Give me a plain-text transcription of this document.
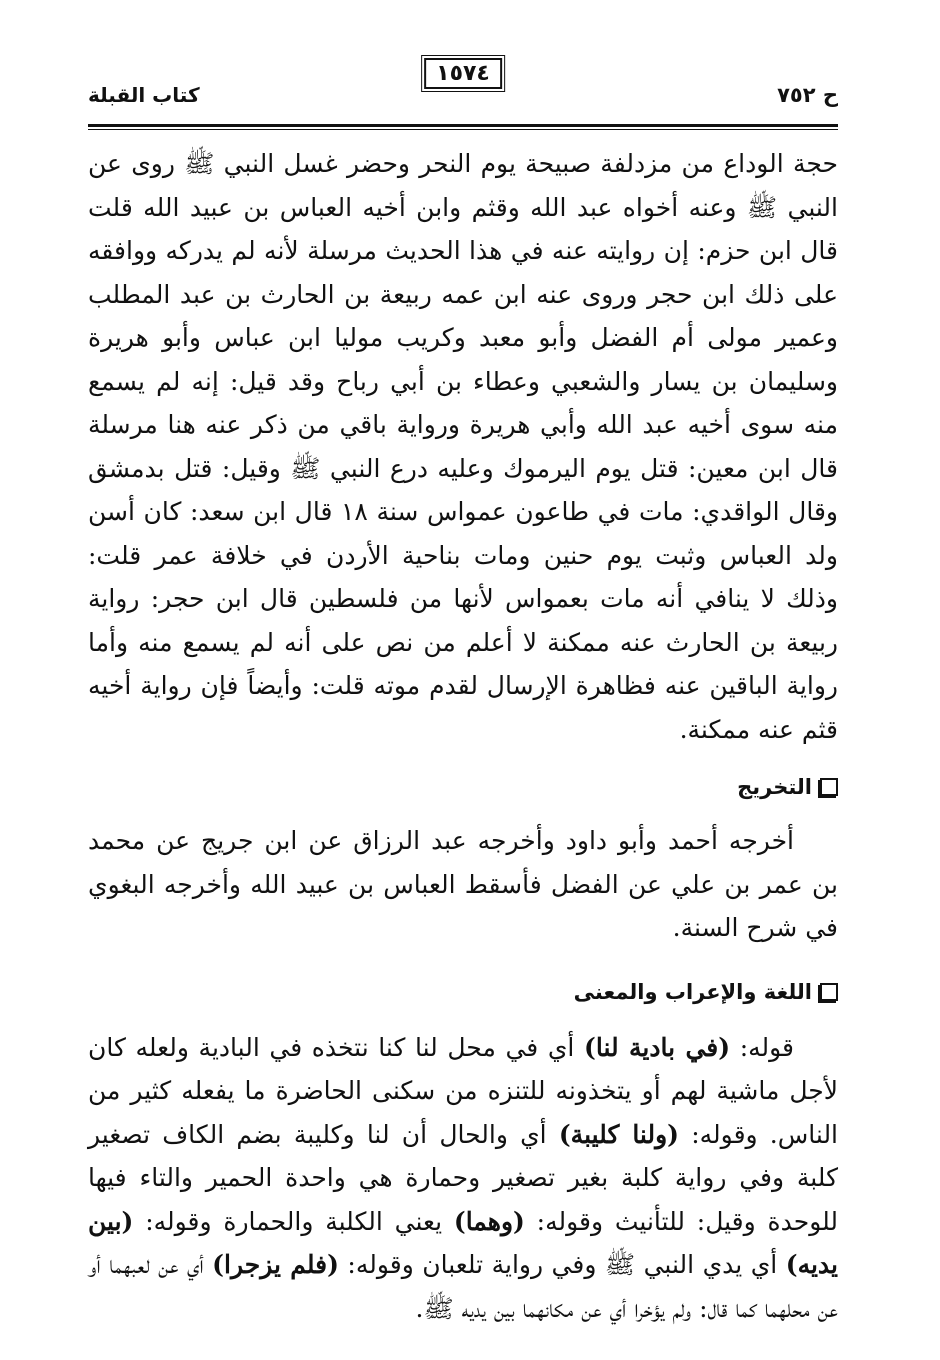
ح ٧٥٢
كتاب القبلة
١٥٧٤

حجة الوداع من مزدلفة صبيحة يوم النحر وحضر غسل النبي ﷺ روى عن النبي ﷺ وعنه أخواه عبد الله وقثم وابن أخيه العباس بن عبيد الله قلت قال ابن حزم: إن روايته عنه في هذا الحديث مرسلة لأنه لم يدركه ووافقه على ذلك ابن حجر وروى عنه ابن عمه ربيعة بن الحارث بن عبد المطلب وعمير مولى أم الفضل وأبو معبد وكريب موليا ابن عباس وأبو هريرة وسليمان بن يسار والشعبي وعطاء بن أبي رباح وقد قيل: إنه لم يسمع منه سوى أخيه عبد الله وأبي هريرة ورواية باقي من ذكر عنه هنا مرسلة قال ابن معين: قتل يوم اليرموك وعليه درع النبي ﷺ وقيل: قتل بدمشق وقال الواقدي: مات في طاعون عمواس سنة ١٨ قال ابن سعد: كان أسن ولد العباس وثبت يوم حنين ومات بناحية الأردن في خلافة عمر قلت: وذلك لا ينافي أنه مات بعمواس لأنها من فلسطين قال ابن حجر: رواية ربيعة بن الحارث عنه ممكنة لا أعلم من نص على أنه لم يسمع منه وأما رواية الباقين عنه فظاهرة الإرسال لقدم موته قلت: وأيضاً فإن رواية أخيه قثم عنه ممكنة.

التخريج

أخرجه أحمد وأبو داود وأخرجه عبد الرزاق عن ابن جريج عن محمد بن عمر بن علي عن الفضل فأسقط العباس بن عبيد الله وأخرجه البغوي في شرح السنة.

اللغة والإعراب والمعنى

قوله: (في بادية لنا) أي في محل لنا كنا نتخذه في البادية ولعله كان لأجل ماشية لهم أو يتخذونه للتنزه من سكنى الحاضرة ما يفعله كثير من الناس. وقوله: (ولنا كليبة) أي والحال أن لنا وكليبة بضم الكاف تصغير كلبة وفي رواية كلبة بغير تصغير وحمارة هي واحدة الحمير والتاء فيها للوحدة وقيل: للتأنيث وقوله: (وهما) يعني الكلبة والحمارة وقوله: (بين يديه) أي يدي النبي ﷺ وفي رواية تلعبان وقوله: (فلم يزجرا) أي عن لعبهما أو عن محلهما كما قال: ولم يؤخرا أي عن مكانهما بين يديه ﷺ.
